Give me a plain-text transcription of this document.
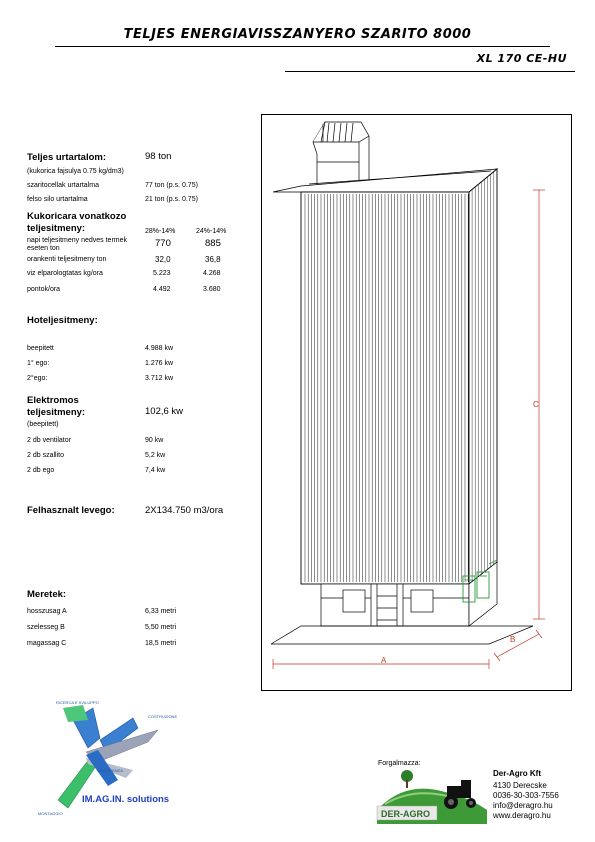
TELJES ENERGIAVISSZANYERO SZARITO 8000
XL 170 CE-HU
Teljes urtartalom:	98 ton
(kukorica fajsulya 0.75 kg/dm3)
szaritocellak urtartalma	77 ton (p.s. 0.75)
felso silo urtartalma	21 ton (p.s. 0.75)
Kukoricara vonatkozo
teljesitmeny:	28%-14%	24%-14%
napi teljesitmeny nedves termek eseten ton	770	885
orankenti teljesitmeny ton	32,0	36,8
viz elparologtatas kg/ora	5.223	4.268
pontok/ora	4.492	3.680
Hoteljesitmeny:
beepitett	4.988 kw
1° ego:	1.276 kw
2°ego:	3.712 kw
Elektromos
teljesitmeny:	102,6 kw
(beepitett)
2 db ventilator	90 kw
2 db szallito	5,2 kw
2 db ego	7,4 kw
Felhasznalt levego:	2X134.750 m3/ora
Meretek:
hosszusag A	6,33 metri
szelesseg B	5,50 metri
magassag C	18,5 metri
C
A
B
RICERCA E SVILUPPO
COSTRUZIONE
ASSISTENZA
MONTAGGIO
IM.AG.IN. solutions
Forgalmazza:
DER-AGRO
Der-Agro Kft
4130 Derecske
0036-30-303-7556
info@deragro.hu
www.deragro.hu
